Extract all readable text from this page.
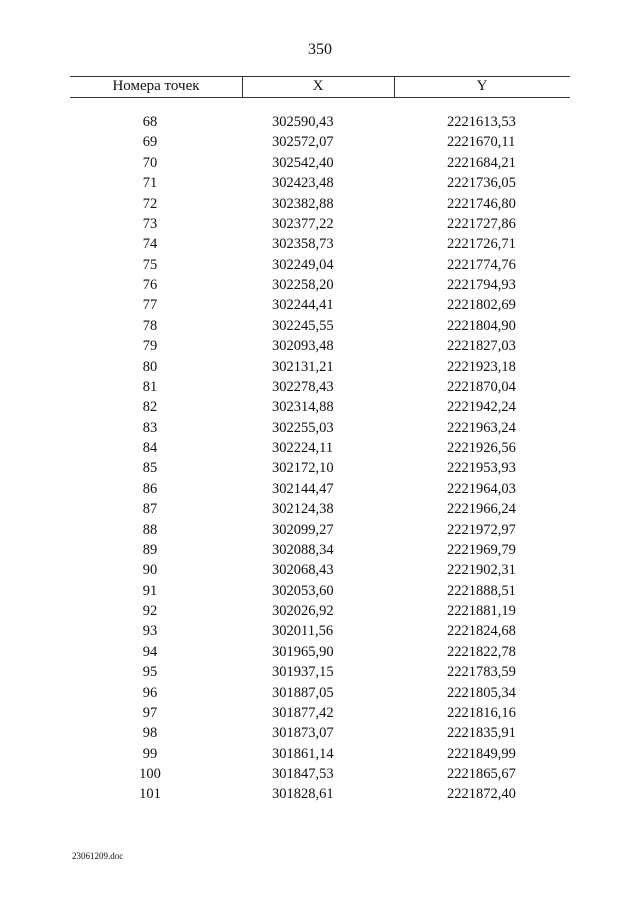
350
Номера точек	X	Y
68	302590,43	2221613,53
69	302572,07	2221670,11
70	302542,40	2221684,21
71	302423,48	2221736,05
72	302382,88	2221746,80
73	302377,22	2221727,86
74	302358,73	2221726,71
75	302249,04	2221774,76
76	302258,20	2221794,93
77	302244,41	2221802,69
78	302245,55	2221804,90
79	302093,48	2221827,03
80	302131,21	2221923,18
81	302278,43	2221870,04
82	302314,88	2221942,24
83	302255,03	2221963,24
84	302224,11	2221926,56
85	302172,10	2221953,93
86	302144,47	2221964,03
87	302124,38	2221966,24
88	302099,27	2221972,97
89	302088,34	2221969,79
90	302068,43	2221902,31
91	302053,60	2221888,51
92	302026,92	2221881,19
93	302011,56	2221824,68
94	301965,90	2221822,78
95	301937,15	2221783,59
96	301887,05	2221805,34
97	301877,42	2221816,16
98	301873,07	2221835,91
99	301861,14	2221849,99
100	301847,53	2221865,67
101	301828,61	2221872,40
23061209.doc
